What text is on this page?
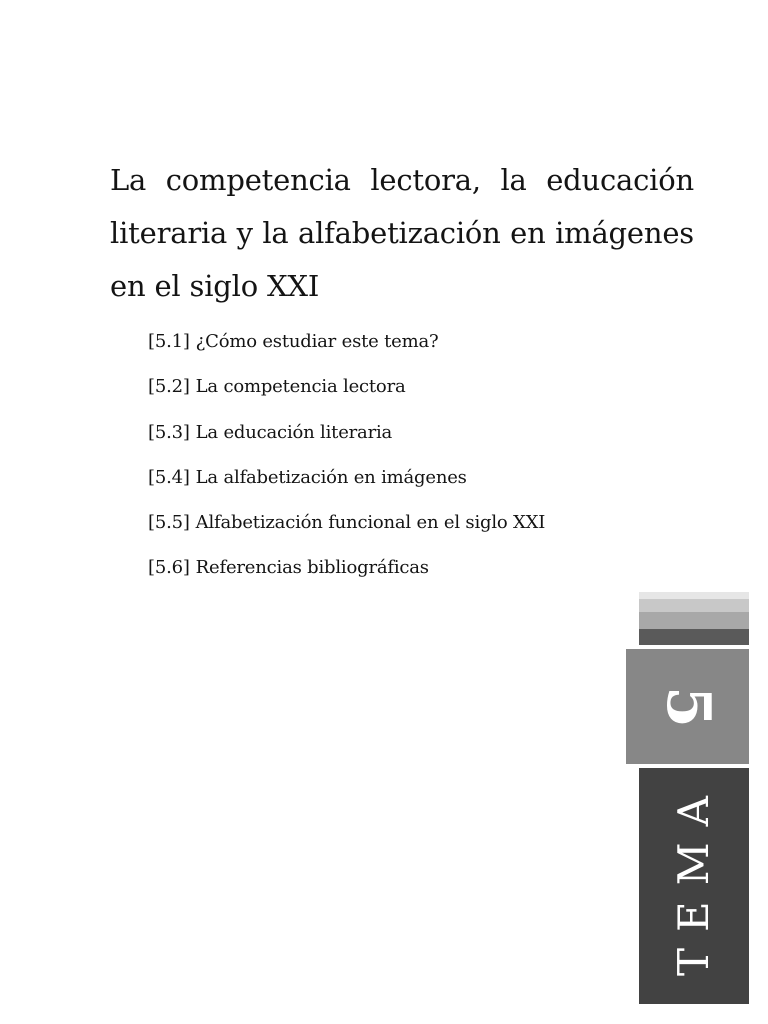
La competencia lectora, la educación literaria y la alfabetización en imágenes en el siglo XXI
[5.1] ¿Cómo estudiar este tema?
[5.2] La competencia lectora
[5.3] La educación literaria
[5.4] La alfabetización en imágenes
[5.5] Alfabetización funcional en el siglo XXI
[5.6] Referencias bibliográficas
5
TEMA
